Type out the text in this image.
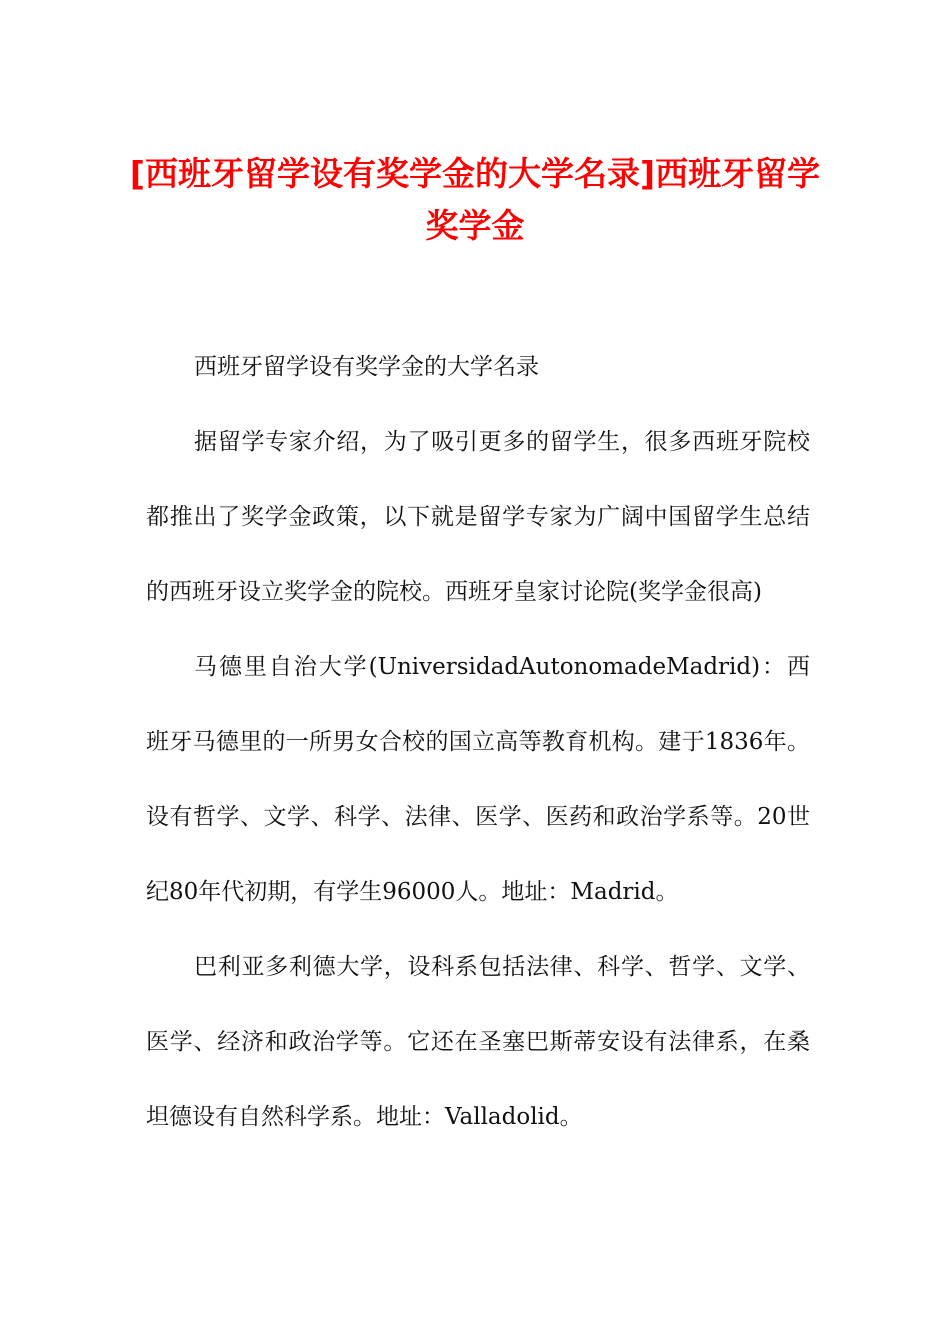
[西班牙留学设有奖学金的大学名录]西班牙留学奖学金

西班牙留学设有奖学金的大学名录

据留学专家介绍，为了吸引更多的留学生，很多西班牙院校都推出了奖学金政策，以下就是留学专家为广阔中国留学生总结的西班牙设立奖学金的院校。西班牙皇家讨论院(奖学金很高)

马德里自治大学(UniversidadAutonomadeMadrid)：西班牙马德里的一所男女合校的国立高等教育机构。建于1836年。设有哲学、文学、科学、法律、医学、医药和政治学系等。20世纪80年代初期，有学生96000人。地址：Madrid。

巴利亚多利德大学，设科系包括法律、科学、哲学、文学、医学、经济和政治学等。它还在圣塞巴斯蒂安设有法律系，在桑坦德设有自然科学系。地址：Valladolid。
